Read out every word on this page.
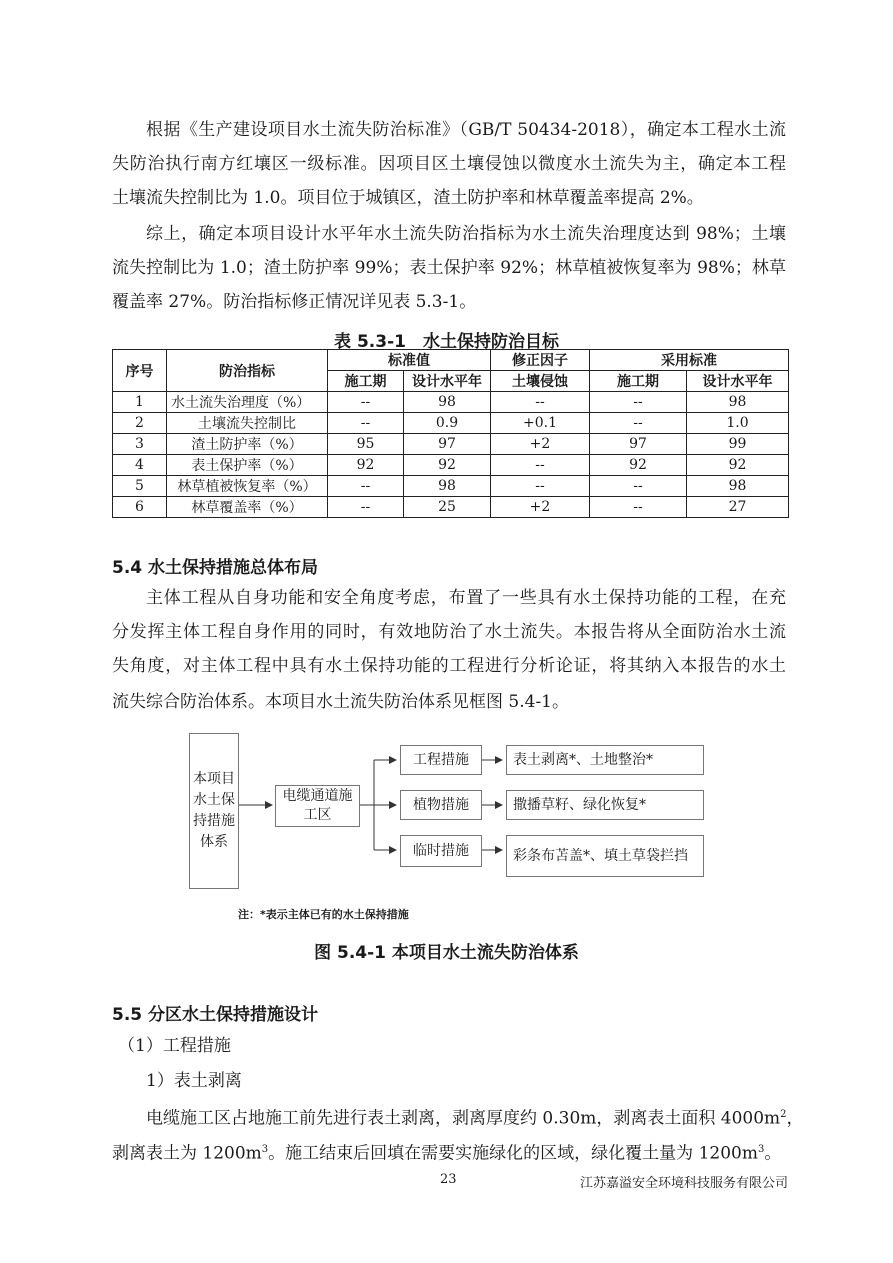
根据《生产建设项目水土流失防治标准》（GB/T 50434-2018），确定本工程水土流
失防治执行南方红壤区一级标准。因项目区土壤侵蚀以微度水土流失为主，确定本工程
土壤流失控制比为 1.0。项目位于城镇区，渣土防护率和林草覆盖率提高 2%。
综上，确定本项目设计水平年水土流失防治指标为水土流失治理度达到 98%；土壤
流失控制比为 1.0；渣土防护率 99%；表土保护率 92%；林草植被恢复率为 98%；林草
覆盖率 27%。防治指标修正情况详见表 5.3-1。
表 5.3-1　水土保持防治目标
序号	防治指标	标准值		修正因子	采用标准	
		施工期	设计水平年	土壤侵蚀	施工期	设计水平年
1	水土流失治理度（%）	--	98	--	--	98
2	土壤流失控制比	--	0.9	+0.1	--	1.0
3	渣土防护率（%）	95	97	+2	97	99
4	表土保护率（%）	92	92	--	92	92
5	林草植被恢复率（%）	--	98	--	--	98
6	林草覆盖率（%）	--	25	+2	--	27
5.4 水土保持措施总体布局
主体工程从自身功能和安全角度考虑，布置了一些具有水土保持功能的工程，在充
分发挥主体工程自身作用的同时，有效地防治了水土流失。本报告将从全面防治水土流
失角度，对主体工程中具有水土保持功能的工程进行分析论证，将其纳入本报告的水土
流失综合防治体系。本项目水土流失防治体系见框图 5.4-1。
本项目
水土保
持措施
体系
电缆通道施
工区
工程措施
植物措施
临时措施
表土剥离*、土地整治*
撒播草籽、绿化恢复*
彩条布苫盖*、填土草袋拦挡
注：*表示主体已有的水土保持措施
图 5.4-1 本项目水土流失防治体系
5.5 分区水土保持措施设计
（1）工程措施
1）表土剥离
电缆施工区占地施工前先进行表土剥离，剥离厚度约 0.30m，剥离表土面积 $4000m^2$，
剥离表土为 $1200m^3$。施工结束后回填在需要实施绿化的区域，绿化覆土量为 $1200m^3$。
23	江苏嘉溢安全环境科技服务有限公司
